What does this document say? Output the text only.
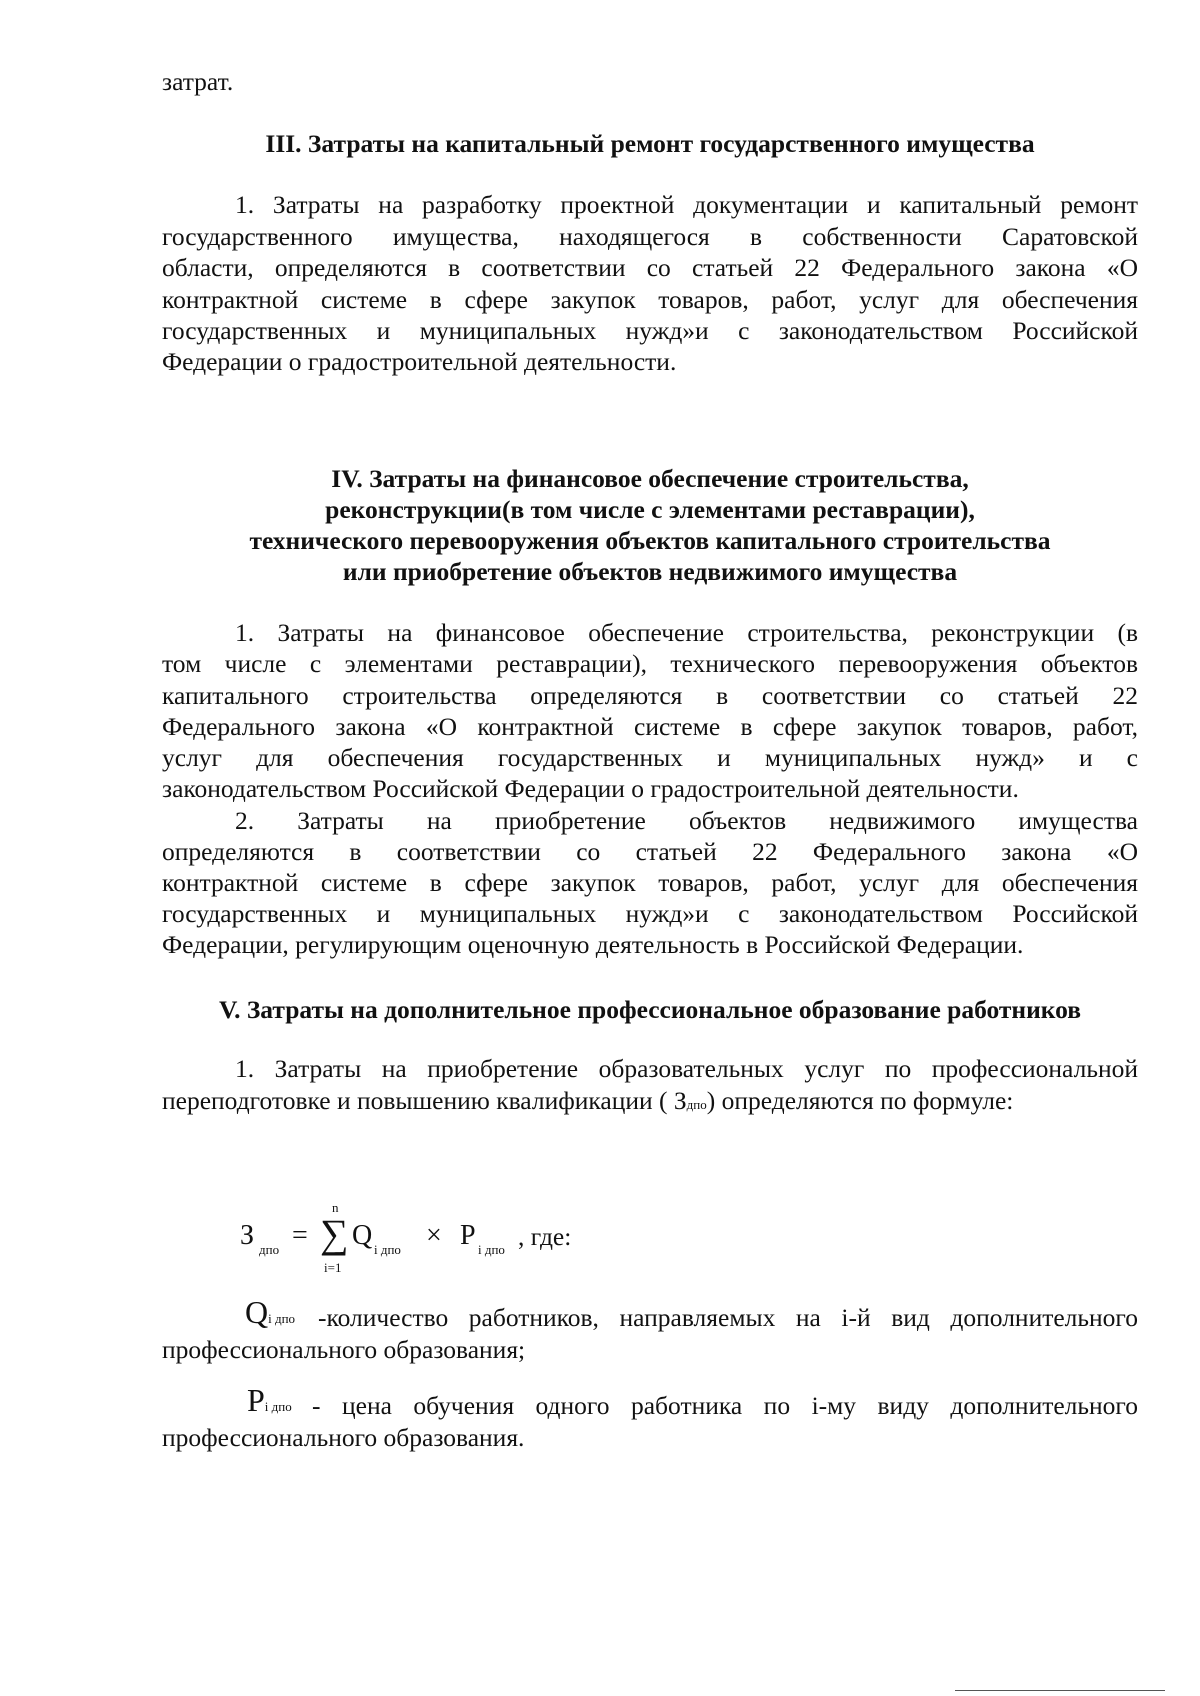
затрат.
III. Затраты на капитальный ремонт государственного имущества
1. Затраты на разработку проектной документации и капитальный ремонт
государственного имущества, находящегося в собственности Саратовской
области, определяются в соответствии со статьей 22 Федерального закона «О
контрактной системе в сфере закупок товаров, работ, услуг для обеспечения
государственных и муниципальных нужд»и с законодательством Российской
Федерации о градостроительной деятельности.
IV. Затраты на финансовое обеспечение строительства,
реконструкции(в том числе с элементами реставрации),
технического перевооружения объектов капитального строительства
или приобретение объектов недвижимого имущества
1. Затраты на финансовое обеспечение строительства, реконструкции (в
том числе с элементами реставрации), технического перевооружения объектов
капитального строительства определяются в соответствии со статьей 22
Федерального закона «О контрактной системе в сфере закупок товаров, работ,
услуг для обеспечения государственных и муниципальных нужд» и с
законодательством Российской Федерации о градостроительной деятельности.
2. Затраты на приобретение объектов недвижимого имущества
определяются в соответствии со статьей 22 Федерального закона «О
контрактной системе в сфере закупок товаров, работ, услуг для обеспечения
государственных и муниципальных нужд»и с законодательством Российской
Федерации, регулирующим оценочную деятельность в Российской Федерации.
V. Затраты на дополнительное профессиональное образование работников
1. Затраты на приобретение образовательных услуг по профессиональной
переподготовке и повышению квалификации ( Здпо) определяются по формуле:
З дпо =
n
∑
i=1
Q i дпо × P i дпо , где:
Qi дпо -количество работников, направляемых на i-й вид дополнительного
профессионального образования;
Pi дпо - цена обучения одного работника по i-му виду дополнительного
профессионального образования.
